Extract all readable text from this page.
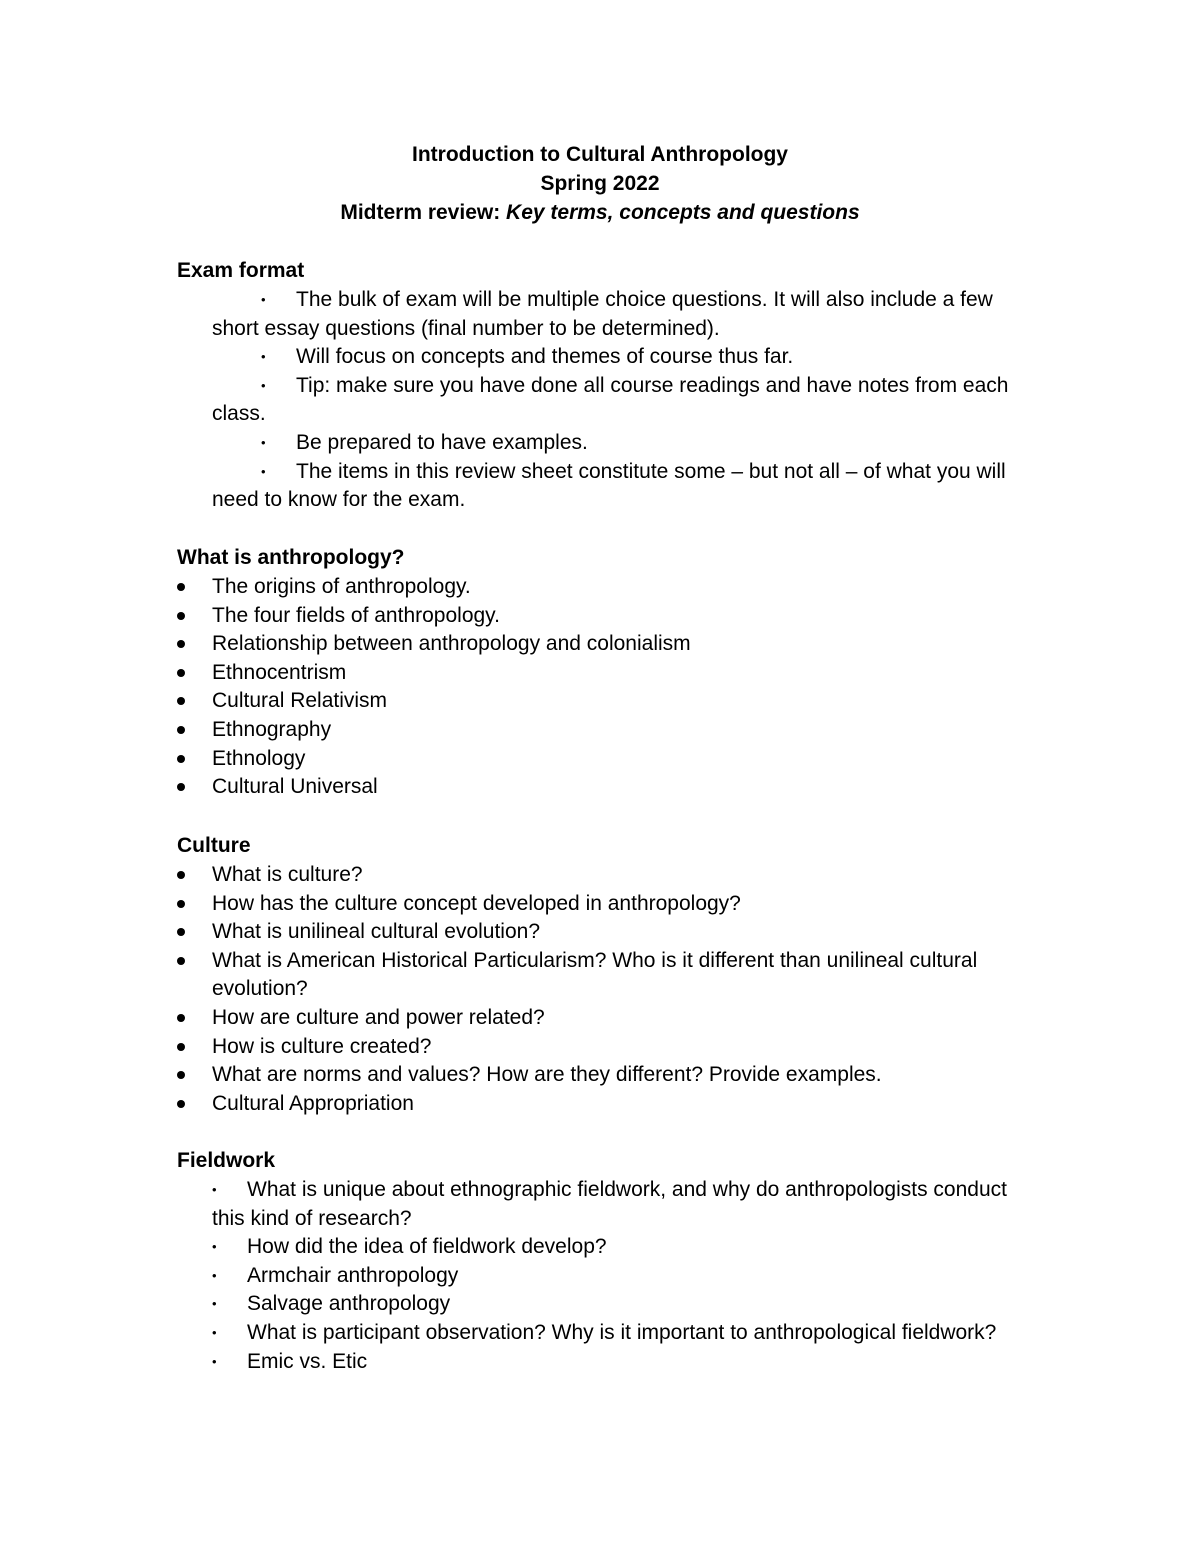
Introduction to Cultural Anthropology
Spring 2022
Midterm review: Key terms, concepts and questions
Exam format
• The bulk of exam will be multiple choice questions. It will also include a few short essay questions (final number to be determined).
• Will focus on concepts and themes of course thus far.
• Tip: make sure you have done all course readings and have notes from each class.
• Be prepared to have examples.
• The items in this review sheet constitute some – but not all – of what you will need to know for the exam.
What is anthropology?
The origins of anthropology.
The four fields of anthropology.
Relationship between anthropology and colonialism
Ethnocentrism
Cultural Relativism
Ethnography
Ethnology
Cultural Universal
Culture
What is culture?
How has the culture concept developed in anthropology?
What is unilineal cultural evolution?
What is American Historical Particularism? Who is it different than unilineal cultural evolution?
How are culture and power related?
How is culture created?
What are norms and values? How are they different? Provide examples.
Cultural Appropriation
Fieldwork
• What is unique about ethnographic fieldwork, and why do anthropologists conduct this kind of research?
• How did the idea of fieldwork develop?
• Armchair anthropology
• Salvage anthropology
• What is participant observation? Why is it important to anthropological fieldwork?
• Emic vs. Etic
